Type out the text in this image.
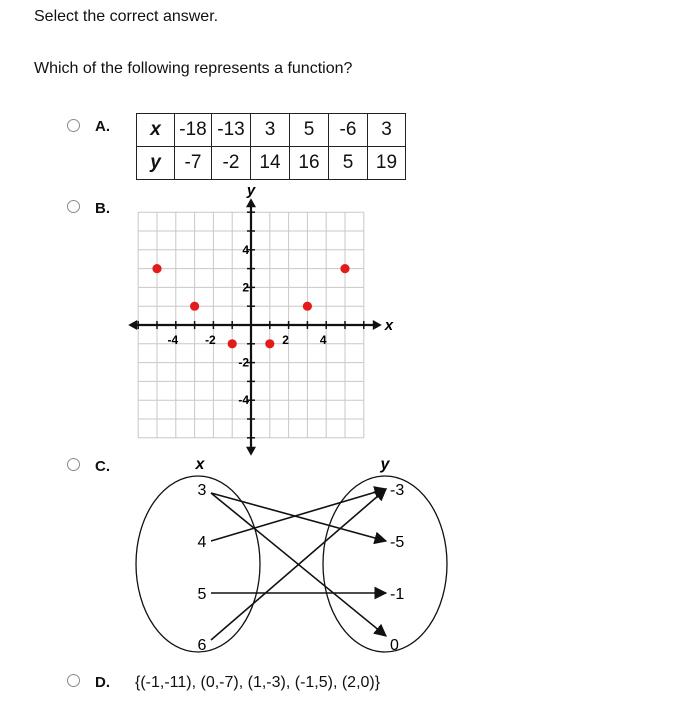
Select the correct answer.
Which of the following represents a function?
A. x	-18	-13	3	5	-6	3
y	-7	-2	14	16	5	19
B.
x
y
-4 -2	2	4
4
2
-2
-4
C.	x	y
3
4
5
6
-3
-5
-1
0
D. {(-1,-11), (0,-7), (1,-3), (-1,5), (2,0)}
